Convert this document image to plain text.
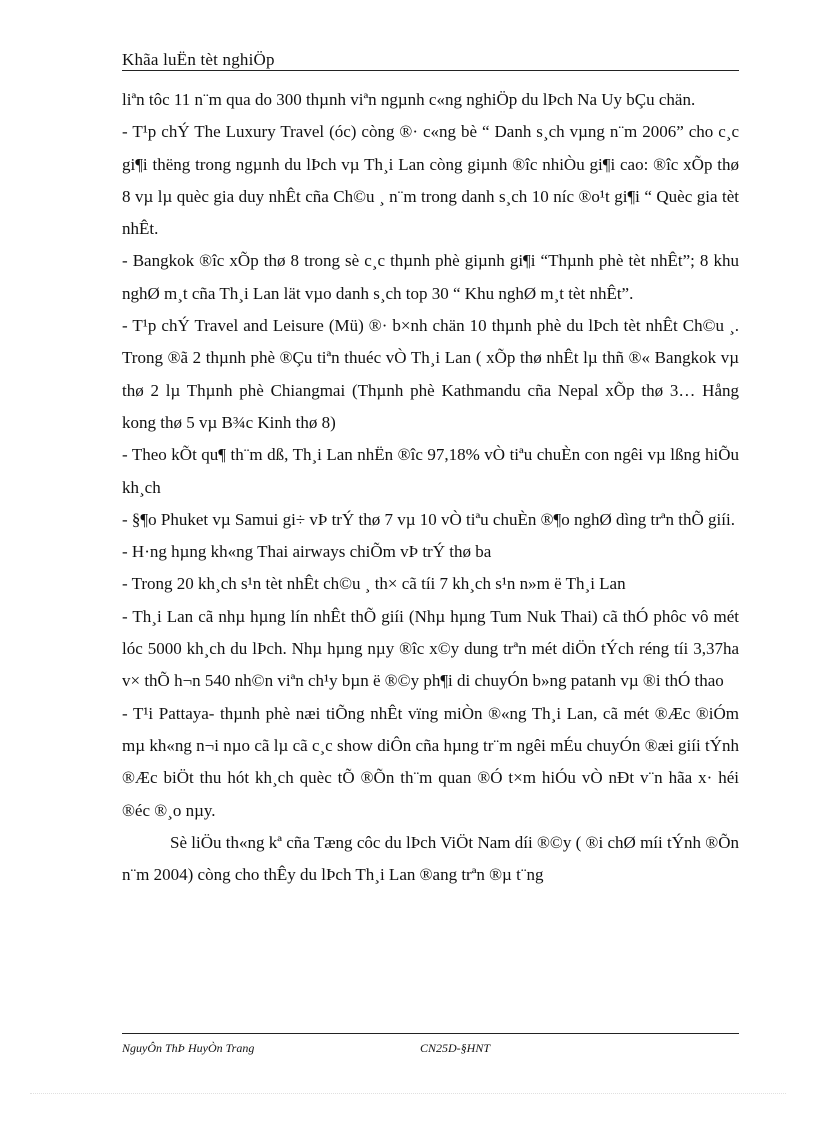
Khãa luËn tèt nghiÖp

liªn tôc 11 n¨m qua do 300 thµnh viªn ngµnh c«ng nghiÖp du lÞch Na Uy bÇu chän.

- T¹p chÝ The Luxury Travel (óc) còng ®· c«ng bè “ Danh s¸ch vµng n¨m 2006” cho c¸c gi¶i thëng trong ngµnh du lÞch vµ Th¸i Lan còng giµnh ®îc nhiÒu gi¶i cao: ®îc xÕp thø 8 vµ lµ quèc gia duy nhÊt cña Ch©u ¸ n¨m trong danh s¸ch 10 níc ®o¹t gi¶i “ Quèc gia tèt nhÊt.

- Bangkok ®îc xÕp thø 8 trong sè c¸c thµnh phè giµnh gi¶i “Thµnh phè tèt nhÊt”; 8 khu nghØ m¸t cña Th¸i Lan lät vµo danh s¸ch top 30 “ Khu nghØ m¸t tèt nhÊt”.

- T¹p chÝ Travel and Leisure (Mü) ®· b×nh chän 10 thµnh phè du lÞch tèt nhÊt Ch©u ¸. Trong ®ã 2 thµnh phè ®Çu tiªn thuéc vÒ Th¸i Lan ( xÕp thø nhÊt lµ thñ ®« Bangkok vµ thø 2 lµ Thµnh phè Chiangmai (Thµnh phè Kathmandu cña Nepal xÕp thø 3… Hång kong thø 5 vµ B¾c Kinh thø 8)

- Theo kÕt qu¶ th¨m dß, Th¸i Lan nhËn ®îc 97,18% vÒ tiªu chuÈn con ngêi vµ lßng hiÕu kh¸ch

- §¶o Phuket vµ Samui gi÷ vÞ trÝ thø 7 vµ 10 vÒ tiªu chuÈn ®¶o nghØ dìng trªn thÕ giíi.

- H·ng hµng kh«ng Thai airways chiÕm vÞ trÝ thø ba

- Trong 20 kh¸ch s¹n tèt nhÊt ch©u ¸ th× cã tíi 7 kh¸ch s¹n n»m ë Th¸i Lan

- Th¸i Lan cã nhµ hµng lín nhÊt thÕ giíi (Nhµ hµng Tum Nuk Thai) cã thÓ phôc vô mét lóc 5000 kh¸ch du lÞch. Nhµ hµng nµy ®îc x©y dung trªn mét diÖn tÝch réng tíi 3,37ha v× thÕ h¬n 540 nh©n viªn ch¹y bµn ë ®©y ph¶i di chuyÓn b»ng patanh vµ ®i thÓ thao

- T¹i Pattaya- thµnh phè næi tiÕng nhÊt vïng miÒn ®«ng Th¸i Lan, cã mét ®Æc ®iÓm mµ kh«ng n¬i nµo cã lµ cã c¸c show diÔn cña hµng tr¨m ngêi mÉu chuyÓn ®æi giíi tÝnh ®Æc biÖt thu hót kh¸ch quèc tÕ ®Õn th¨m quan ®Ó t×m hiÓu vÒ nÐt v¨n hãa x· héi ®éc ®¸o nµy.

Sè liÖu th«ng kª cña Tæng côc du lÞch ViÖt Nam díi ®©y ( ®i chØ míi tÝnh ®Õn n¨m 2004) còng cho thÊy du lÞch Th¸i Lan ®ang trªn ®µ t¨ng

NguyÔn ThÞ HuyÒn Trang	CN25D-§HNT
